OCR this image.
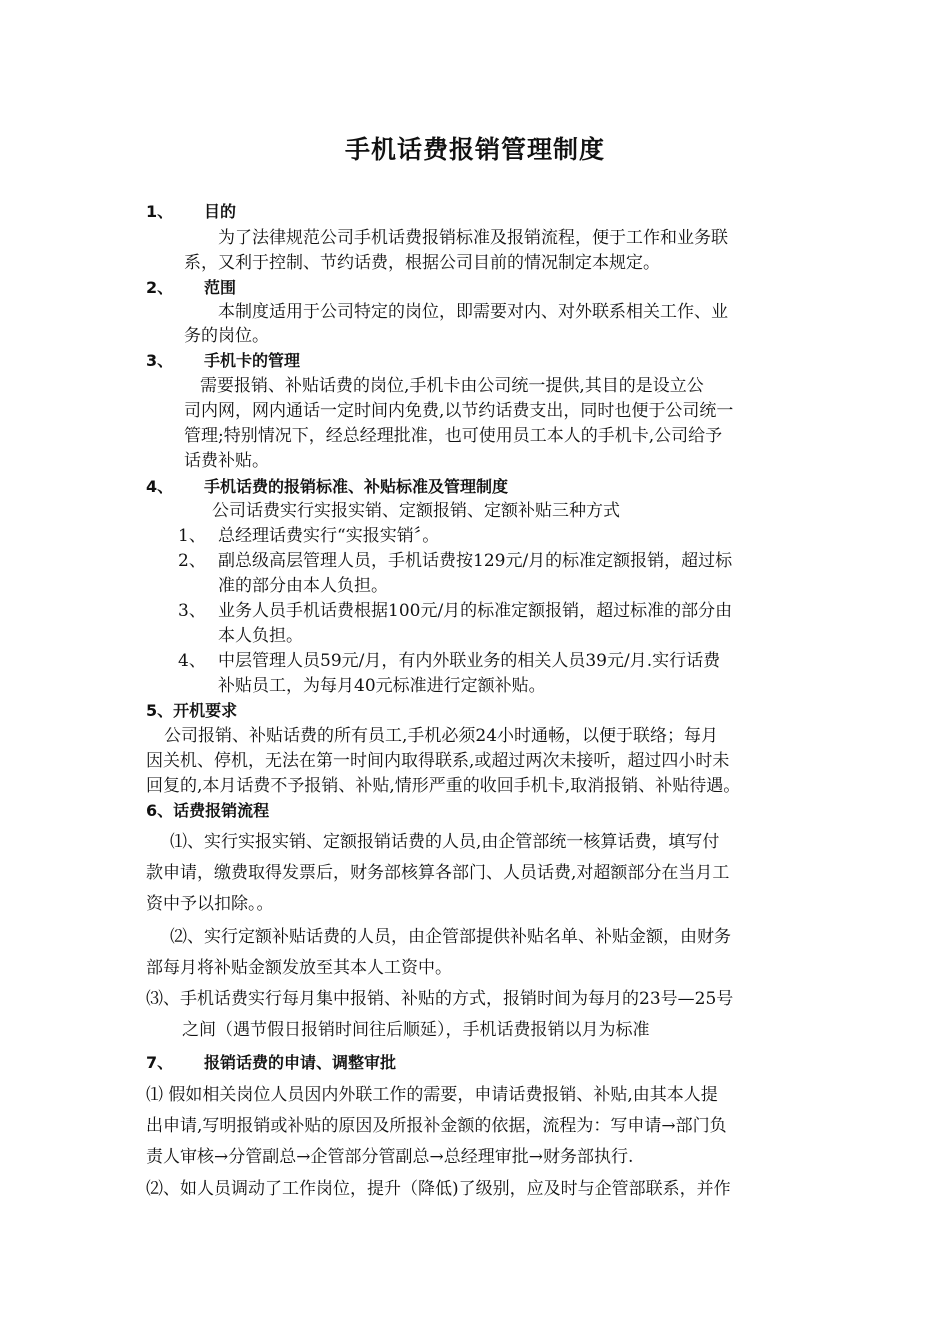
手机话费报销管理制度
1、 目的
为了法律规范公司手机话费报销标准及报销流程，便于工作和业务联
系，又利于控制、节约话费，根据公司目前的情况制定本规定。
2、 范围
本制度适用于公司特定的岗位，即需要对内、对外联系相关工作、业
务的岗位。
3、 手机卡的管理
需要报销、补贴话费的岗位,手机卡由公司统一提供,其目的是设立公
司内网，网内通话一定时间内免费,以节约话费支出，同时也便于公司统一
管理;特别情况下，经总经理批准，也可使用员工本人的手机卡,公司给予
话费补贴。
4、 手机话费的报销标准、补贴标准及管理制度
公司话费实行实报实销、定额报销、定额补贴三种方式
1、 总经理话费实行“实报实销〞。
2、 副总级高层管理人员，手机话费按129元/月的标准定额报销，超过标
准的部分由本人负担。
3、 业务人员手机话费根据100元/月的标准定额报销，超过标准的部分由
本人负担。
4、 中层管理人员59元/月，有内外联业务的相关人员39元/月.实行话费
补贴员工，为每月40元标准进行定额补贴。
5、开机要求
公司报销、补贴话费的所有员工,手机必须24小时通畅，以便于联络；每月
因关机、停机，无法在第一时间内取得联系,或超过两次未接听，超过四小时未
回复的,本月话费不予报销、补贴,情形严重的收回手机卡,取消报销、补贴待遇。
6、话费报销流程
⑴、实行实报实销、定额报销话费的人员,由企管部统一核算话费，填写付
款申请，缴费取得发票后，财务部核算各部门、人员话费,对超额部分在当月工
资中予以扣除。。
⑵、实行定额补贴话费的人员，由企管部提供补贴名单、补贴金额，由财务
部每月将补贴金额发放至其本人工资中。
⑶、手机话费实行每月集中报销、补贴的方式，报销时间为每月的23号—25号
之间（遇节假日报销时间往后顺延），手机话费报销以月为标准
7、 报销话费的申请、调整审批
⑴ 假如相关岗位人员因内外联工作的需要，申请话费报销、补贴,由其本人提
出申请,写明报销或补贴的原因及所报补金额的依据，流程为：写申请→部门负
责人审核→分管副总→企管部分管副总→总经理审批→财务部执行.
⑵、如人员调动了工作岗位，提升（降低)了级别，应及时与企管部联系，并作
